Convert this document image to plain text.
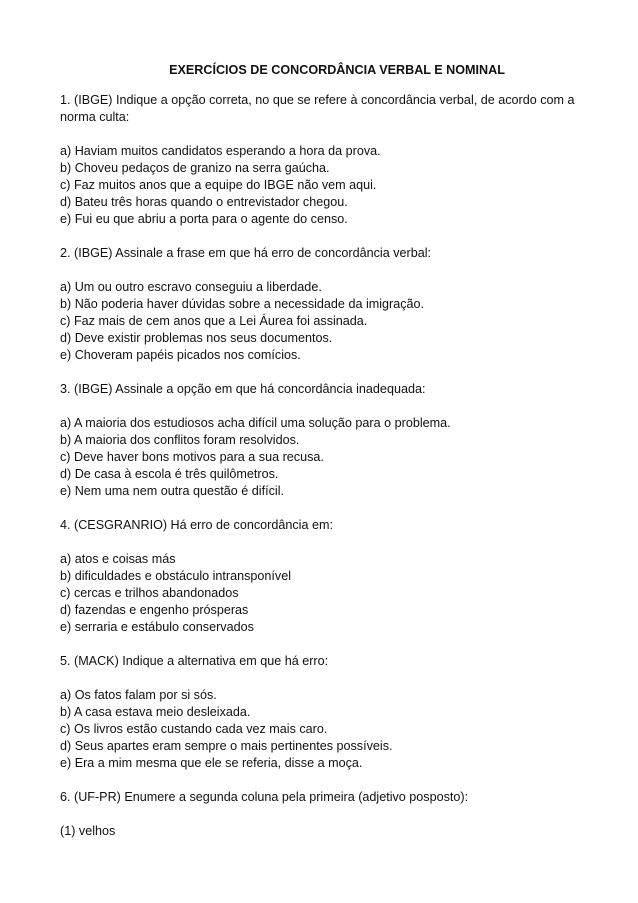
EXERCÍCIOS DE CONCORDÂNCIA VERBAL E NOMINAL
1. (IBGE) Indique a opção correta, no que se refere à concordância verbal, de acordo com a norma culta:
a) Haviam muitos candidatos esperando a hora da prova.
b) Choveu pedaços de granizo na serra gaúcha.
c) Faz muitos anos que a equipe do IBGE não vem aqui.
d) Bateu três horas quando o entrevistador chegou.
e) Fui eu que abriu a porta para o agente do censo.
2. (IBGE) Assinale a frase em que há erro de concordância verbal:
a) Um ou outro escravo conseguiu a liberdade.
b) Não poderia haver dúvidas sobre a necessidade da imigração.
c) Faz mais de cem anos que a Lei Áurea foi assinada.
d) Deve existir problemas nos seus documentos.
e) Choveram papéis picados nos comícios.
3. (IBGE) Assinale a opção em que há concordância inadequada:
a) A maioria dos estudiosos acha difícil uma solução para o problema.
b) A maioria dos conflitos foram resolvidos.
c) Deve haver bons motivos para a sua recusa.
d) De casa à escola é três quilômetros.
e) Nem uma nem outra questão é difícil.
4. (CESGRANRIO) Há erro de concordância em:
a) atos e coisas más
b) dificuldades e obstáculo intransponível
c) cercas e trilhos abandonados
d) fazendas e engenho prósperas
e) serraria e estábulo conservados
5. (MACK) Indique a alternativa em que há erro:
a) Os fatos falam por si sós.
b) A casa estava meio desleixada.
c) Os livros estão custando cada vez mais caro.
d) Seus apartes eram sempre o mais pertinentes possíveis.
e) Era a mim mesma que ele se referia, disse a moça.
6. (UF-PR) Enumere a segunda coluna pela primeira (adjetivo posposto):
(1) velhos
